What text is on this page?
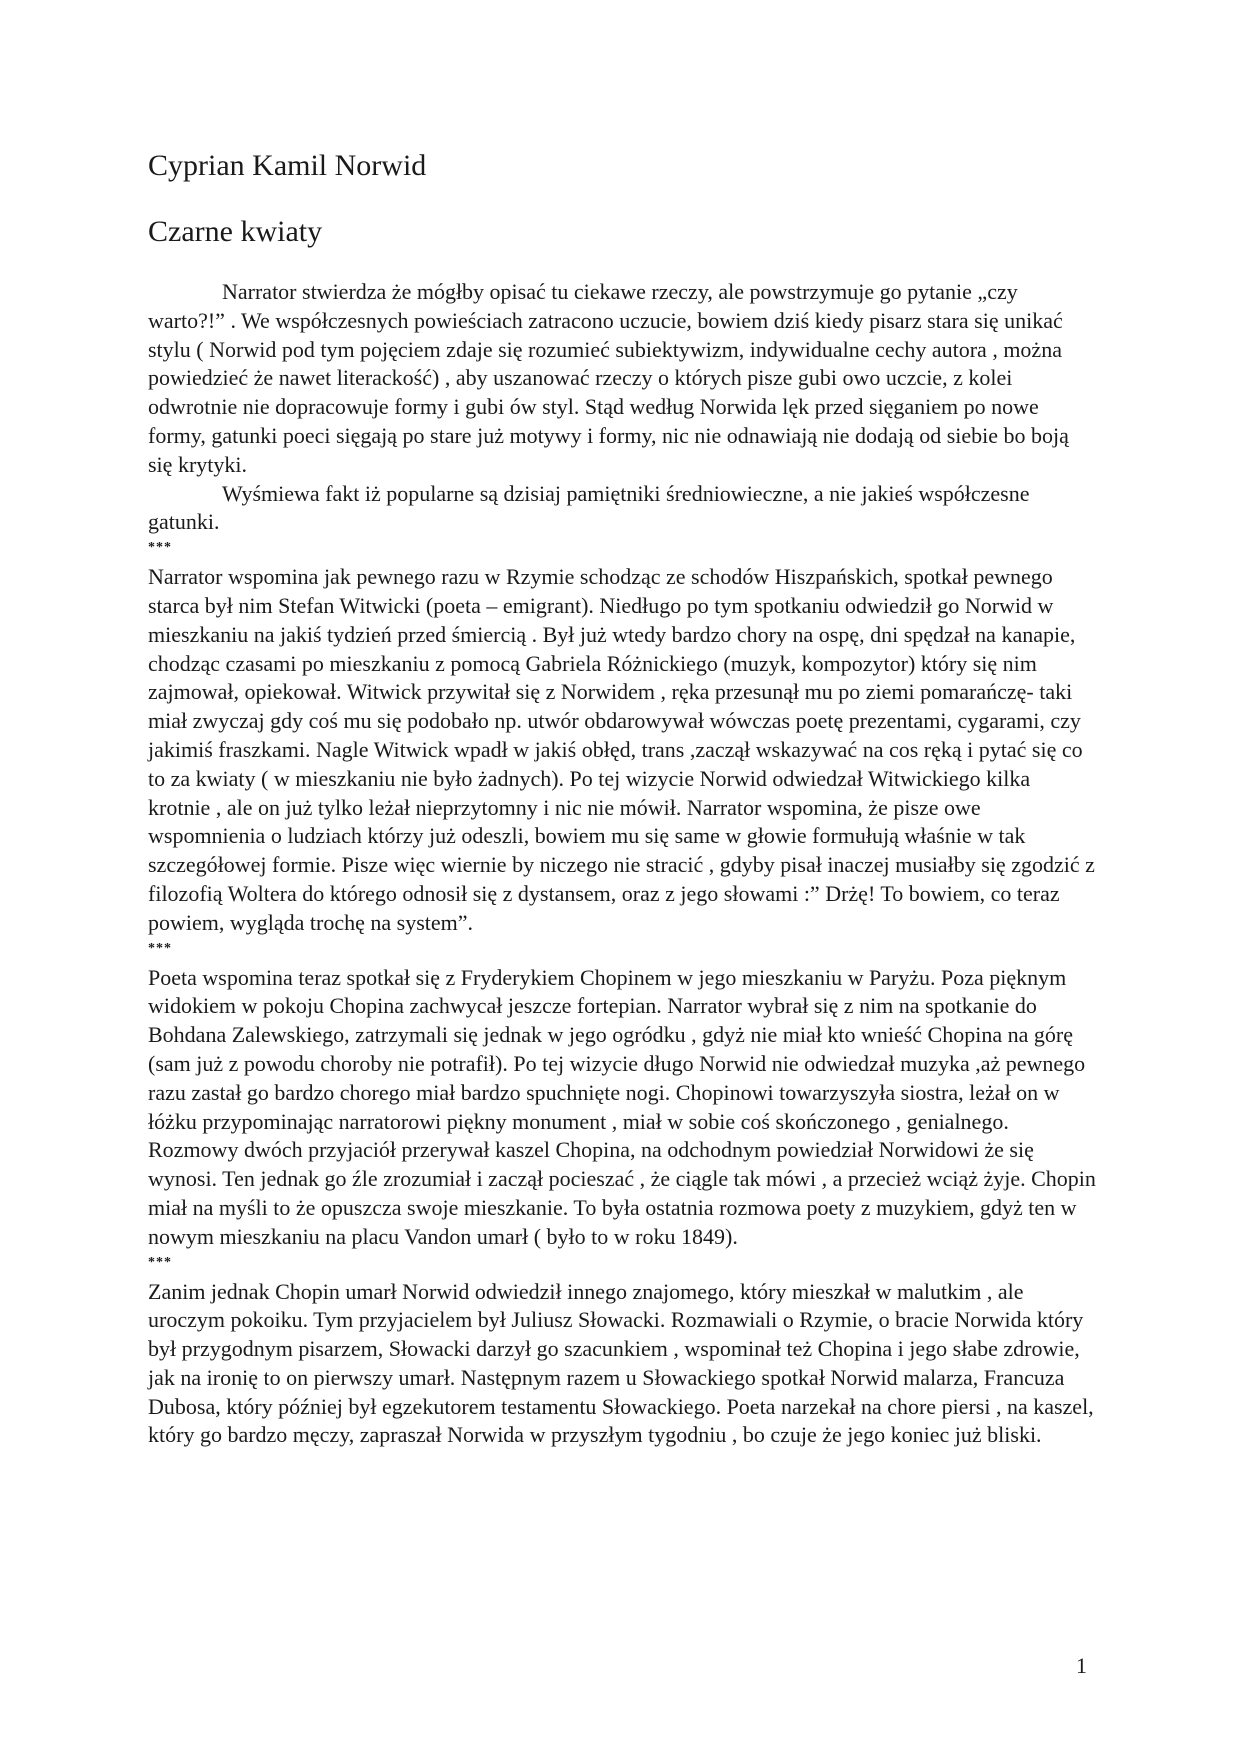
Cyprian Kamil Norwid
Czarne kwiaty

Narrator stwierdza że mógłby opisać tu ciekawe rzeczy, ale powstrzymuje go pytanie „czy warto?!” . We współczesnych powieściach zatracono uczucie, bowiem dziś kiedy pisarz stara się unikać stylu ( Norwid pod tym pojęciem zdaje się rozumieć subiektywizm, indywidualne cechy autora , można powiedzieć że nawet literackość) , aby uszanować rzeczy o których pisze gubi owo uczcie, z kolei odwrotnie nie dopracowuje formy i gubi ów styl. Stąd według Norwida lęk przed sięganiem po nowe formy, gatunki poeci sięgają po stare już motywy i formy, nic nie odnawiają nie dodają od siebie bo boją się krytyki.

Wyśmiewa fakt iż popularne są dzisiaj pamiętniki średniowieczne, a nie jakieś współczesne gatunki.

***

Narrator wspomina jak pewnego razu w Rzymie schodząc ze schodów Hiszpańskich, spotkał pewnego starca był nim Stefan Witwicki (poeta – emigrant). Niedługo po tym spotkaniu odwiedził go Norwid w mieszkaniu na jakiś tydzień przed śmiercią . Był już wtedy bardzo chory na ospę, dni spędzał na kanapie, chodząc czasami po mieszkaniu z pomocą Gabriela Różnickiego (muzyk, kompozytor) który się nim zajmował, opiekował. Witwick przywitał się z Norwidem , ręka przesunął mu po ziemi pomarańczę- taki miał zwyczaj gdy coś mu się podobało np. utwór obdarowywał wówczas poetę prezentami, cygarami, czy jakimiś fraszkami. Nagle Witwick wpadł w jakiś obłęd, trans ,zaczął wskazywać na cos ręką i pytać się co to za kwiaty ( w mieszkaniu nie było żadnych). Po tej wizycie Norwid odwiedzał Witwickiego kilka krotnie , ale on już tylko leżał nieprzytomny i nic nie mówił. Narrator wspomina, że pisze owe wspomnienia o ludziach którzy już odeszli, bowiem mu się same w głowie formułują właśnie w tak szczegółowej formie. Pisze więc wiernie by niczego nie stracić , gdyby pisał inaczej musiałby się zgodzić z filozofią Woltera do którego odnosił się z dystansem, oraz z jego słowami :” Drżę! To bowiem, co teraz powiem, wygląda trochę na system”.

***

Poeta wspomina teraz spotkał się z Fryderykiem Chopinem w jego mieszkaniu w Paryżu. Poza pięknym widokiem w pokoju Chopina zachwycał jeszcze fortepian. Narrator wybrał się z nim na spotkanie do Bohdana Zalewskiego, zatrzymali się jednak w jego ogródku , gdyż nie miał kto wnieść Chopina na górę (sam już z powodu choroby nie potrafił). Po tej wizycie długo Norwid nie odwiedzał muzyka ,aż pewnego razu zastał go bardzo chorego miał bardzo spuchnięte nogi. Chopinowi towarzyszyła siostra, leżał on w łóżku przypominając narratorowi piękny monument , miał w sobie coś skończonego , genialnego. Rozmowy dwóch przyjaciół przerywał kaszel Chopina, na odchodnym powiedział Norwidowi że się wynosi. Ten jednak go źle zrozumiał i zaczął pocieszać , że ciągle tak mówi , a przecież wciąż żyje. Chopin miał na myśli to że opuszcza swoje mieszkanie. To była ostatnia rozmowa poety z muzykiem, gdyż ten w nowym mieszkaniu na placu Vandon umarł ( było to w roku 1849).

***

Zanim jednak Chopin umarł Norwid odwiedził innego znajomego, który mieszkał w malutkim , ale uroczym pokoiku. Tym przyjacielem był Juliusz Słowacki. Rozmawiali o Rzymie, o bracie Norwida który był przygodnym pisarzem, Słowacki darzył go szacunkiem , wspominał też Chopina i jego słabe zdrowie, jak na ironię to on pierwszy umarł. Następnym razem u Słowackiego spotkał Norwid malarza, Francuza Dubosa, który później był egzekutorem testamentu Słowackiego. Poeta narzekał na chore piersi , na kaszel, który go bardzo męczy, zapraszał Norwida w przyszłym tygodniu , bo czuje że jego koniec już bliski.

1
